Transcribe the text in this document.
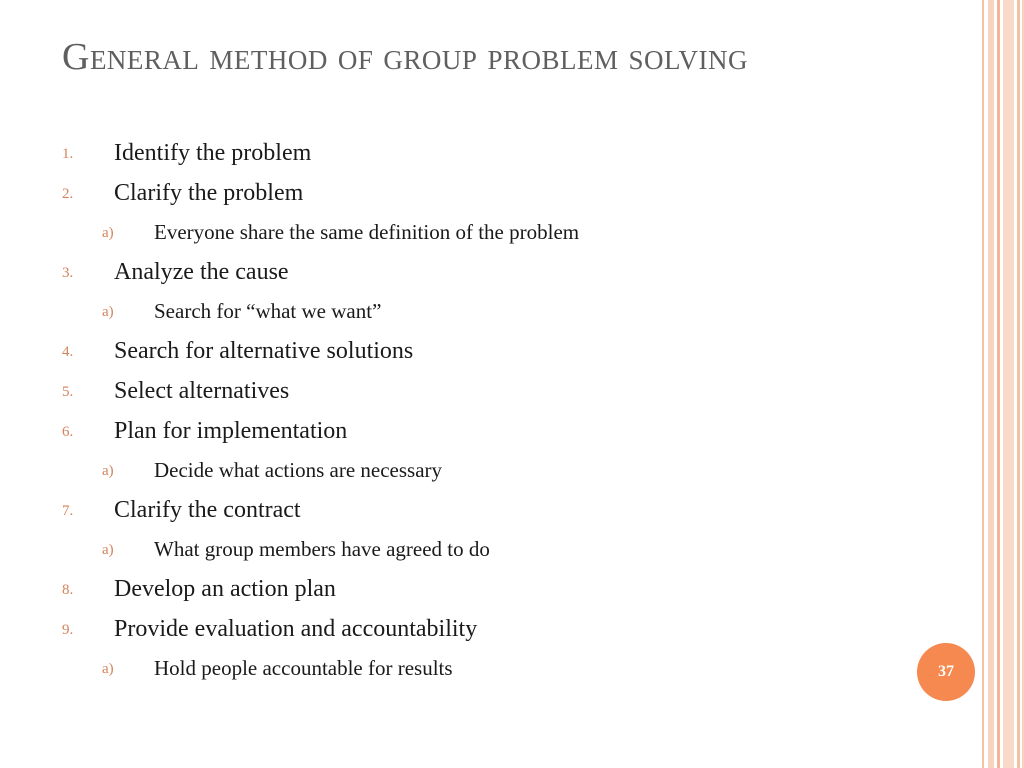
General method of group problem solving
1. Identify the problem
2. Clarify the problem
a) Everyone share the same definition of the problem
3. Analyze the cause
a) Search for “what we want”
4. Search for alternative solutions
5. Select alternatives
6. Plan for implementation
a) Decide what actions are necessary
7. Clarify the contract
a) What group members have agreed to do
8. Develop an action plan
9. Provide evaluation and accountability
a) Hold people accountable for results	37
